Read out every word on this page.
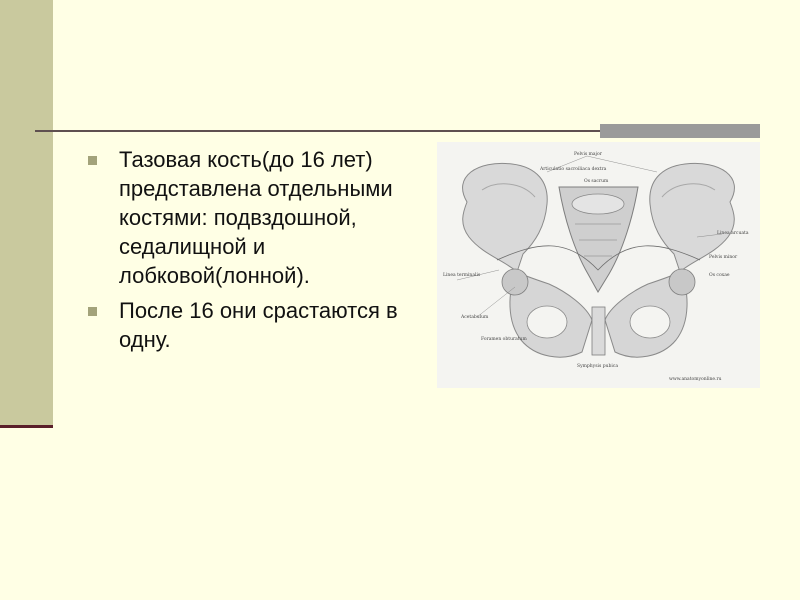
Тазовая кость(до 16 лет) представлена отдельными костями: подвздошной, седалищной и лобковой(лонной).
После 16 они срастаются в одну.
Pelvis major
Articulatio sacroiliaca dextra
Os sacrum
Linea arcuata
Pelvis minor
Os coxae
Linea terminalis
Acetabulum
Foramen obturatum
Symphysis pubica
www.anatomyonline.ru
